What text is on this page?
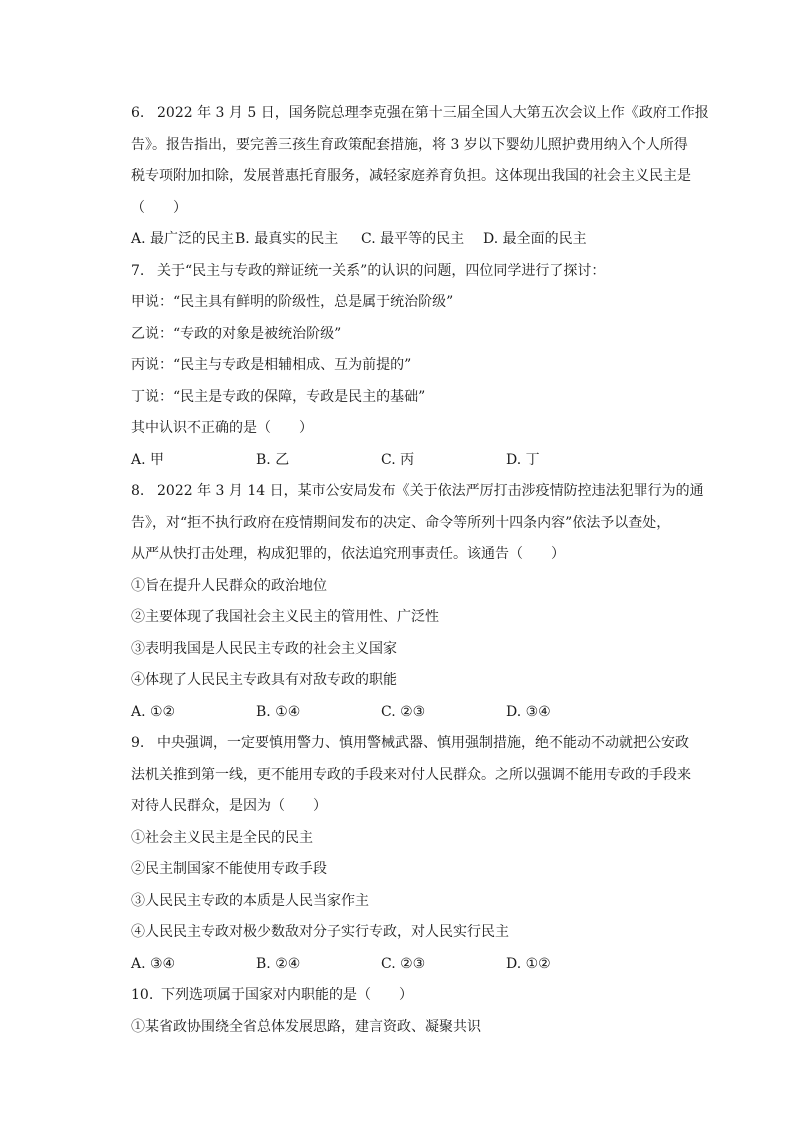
6. 2022 年 3 月 5 日，国务院总理李克强在第十三届全国人大第五次会议上作《政府工作报
告》。报告指出，要完善三孩生育政策配套措施，将 3 岁以下婴幼儿照护费用纳入个人所得
税专项附加扣除，发展普惠托育服务，减轻家庭养育负担。这体现出我国的社会主义民主是
（　　）
A. 最广泛的民主 B. 最真实的民主	C. 最平等的民主	D. 最全面的民主
7. 关于“民主与专政的辩证统一关系”的认识的问题，四位同学进行了探讨：
甲说：“民主具有鲜明的阶级性，总是属于统治阶级”
乙说：“专政的对象是被统治阶级”
丙说：“民主与专政是相辅相成、互为前提的”
丁说：“民主是专政的保障，专政是民主的基础”
其中认识不正确的是（　　）
A. 甲	B. 乙	C. 丙	D. 丁
8. 2022 年 3 月 14 日，某市公安局发布《关于依法严厉打击涉疫情防控违法犯罪行为的通
告》，对“拒不执行政府在疫情期间发布的决定、命令等所列十四条内容”依法予以查处，
从严从快打击处理，构成犯罪的，依法追究刑事责任。该通告（　　）
①旨在提升人民群众的政治地位
②主要体现了我国社会主义民主的管用性、广泛性
③表明我国是人民民主专政的社会主义国家
④体现了人民民主专政具有对敌专政的职能
A. ①②	B. ①④	C. ②③	D. ③④
9. 中央强调，一定要慎用警力、慎用警械武器、慎用强制措施，绝不能动不动就把公安政
法机关推到第一线，更不能用专政的手段来对付人民群众。之所以强调不能用专政的手段来
对待人民群众，是因为（　　）
①社会主义民主是全民的民主
②民主制国家不能使用专政手段
③人民民主专政的本质是人民当家作主
④人民民主专政对极少数敌对分子实行专政，对人民实行民主
A. ③④	B. ②④	C. ②③	D. ①②
10. 下列选项属于国家对内职能的是（　　）
①某省政协围绕全省总体发展思路，建言资政、凝聚共识
